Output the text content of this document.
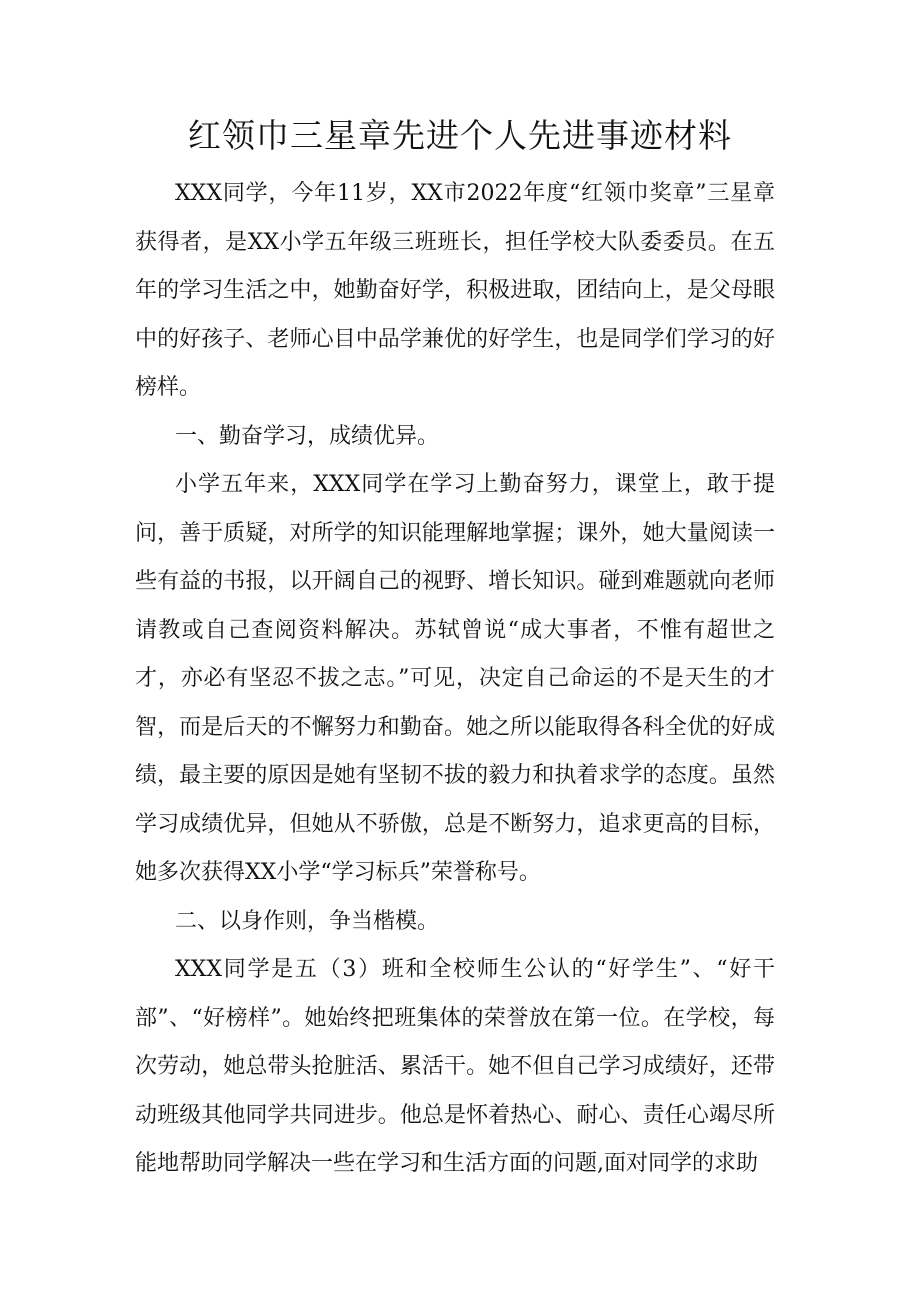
红领巾三星章先进个人先进事迹材料

XXX同学，今年11岁，XX市2022年度“红领巾奖章”三星章获得者，是XX小学五年级三班班长，担任学校大队委委员。在五年的学习生活之中，她勤奋好学，积极进取，团结向上，是父母眼中的好孩子、老师心目中品学兼优的好学生，也是同学们学习的好榜样。

一、勤奋学习，成绩优异。

小学五年来，XXX同学在学习上勤奋努力，课堂上，敢于提问，善于质疑，对所学的知识能理解地掌握；课外，她大量阅读一些有益的书报，以开阔自己的视野、增长知识。碰到难题就向老师请教或自己查阅资料解决。苏轼曾说“成大事者，不惟有超世之才，亦必有坚忍不拔之志。”可见，决定自己命运的不是天生的才智，而是后天的不懈努力和勤奋。她之所以能取得各科全优的好成绩，最主要的原因是她有坚韧不拔的毅力和执着求学的态度。虽然学习成绩优异，但她从不骄傲，总是不断努力，追求更高的目标，她多次获得XX小学“学习标兵”荣誉称号。

二、以身作则，争当楷模。

XXX同学是五（3）班和全校师生公认的“好学生”、“好干部”、“好榜样”。她始终把班集体的荣誉放在第一位。在学校，每次劳动，她总带头抢脏活、累活干。她不但自己学习成绩好，还带动班级其他同学共同进步。他总是怀着热心、耐心、责任心竭尽所能地帮助同学解决一些在学习和生活方面的问题,面对同学的求助
